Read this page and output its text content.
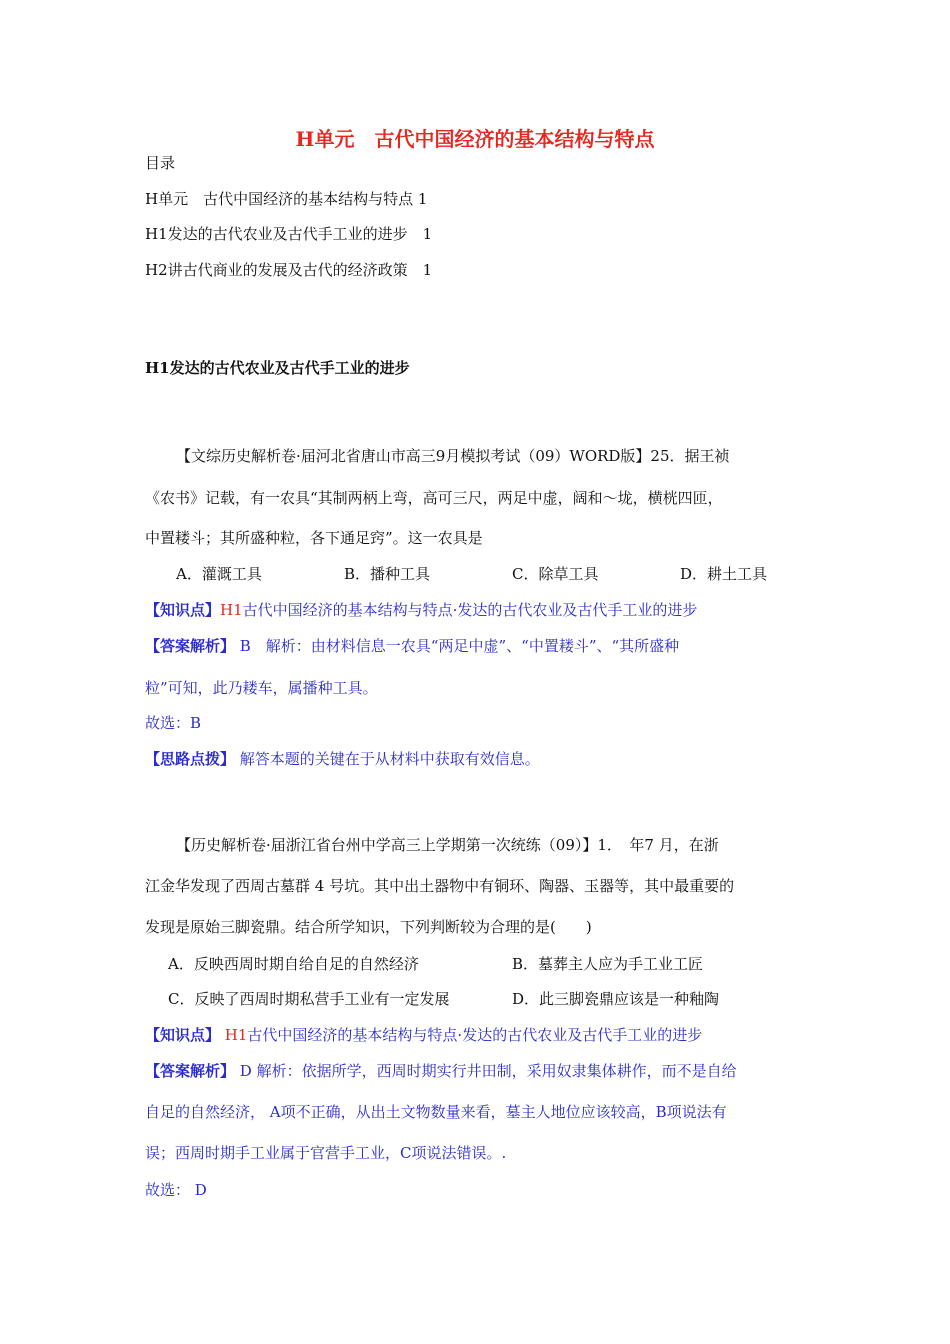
H单元　古代中国经济的基本结构与特点
目录
H单元　古代中国经济的基本结构与特点 1
H1发达的古代农业及古代手工业的进步　1
H2讲古代商业的发展及古代的经济政策　1
H1发达的古代农业及古代手工业的进步
【文综历史解析卷·届河北省唐山市高三9月模拟考试（09）WORD版】25．据王祯
《农书》记载，有一农具“其制两柄上弯，高可三尺，两足中虚，阔和～垅，横桄四匝，
中置耧斗；其所盛种粒，各下通足窍”。这一农具是
A．灌溉工具	B．播种工具	C．除草工具	D．耕土工具
【知识点】H1古代中国经济的基本结构与特点·发达的古代农业及古代手工业的进步
【答案解析】 B　解析：由材料信息一农具“两足中虚”、“中置耧斗”、“其所盛种
粒”可知，此乃耧车，属播种工具。
故选：B
【思路点拨】 解答本题的关键在于从材料中获取有效信息。
【历史解析卷·届浙江省台州中学高三上学期第一次统练（09）】1．　年7 月，在浙
江金华发现了西周古墓群 4 号坑。其中出土器物中有铜环、陶器、玉器等，其中最重要的
发现是原始三脚瓷鼎。结合所学知识，下列判断较为合理的是(　　)
A．反映西周时期自给自足的自然经济	B．墓葬主人应为手工业工匠
C．反映了西周时期私营手工业有一定发展	D．此三脚瓷鼎应该是一种釉陶
【知识点】 H1古代中国经济的基本结构与特点·发达的古代农业及古代手工业的进步
【答案解析】 D 解析：依据所学，西周时期实行井田制，采用奴隶集体耕作，而不是自给
自足的自然经济， A项不正确，从出土文物数量来看，墓主人地位应该较高，B项说法有
误；西周时期手工业属于官营手工业，C项说法错误。.
故选： D
